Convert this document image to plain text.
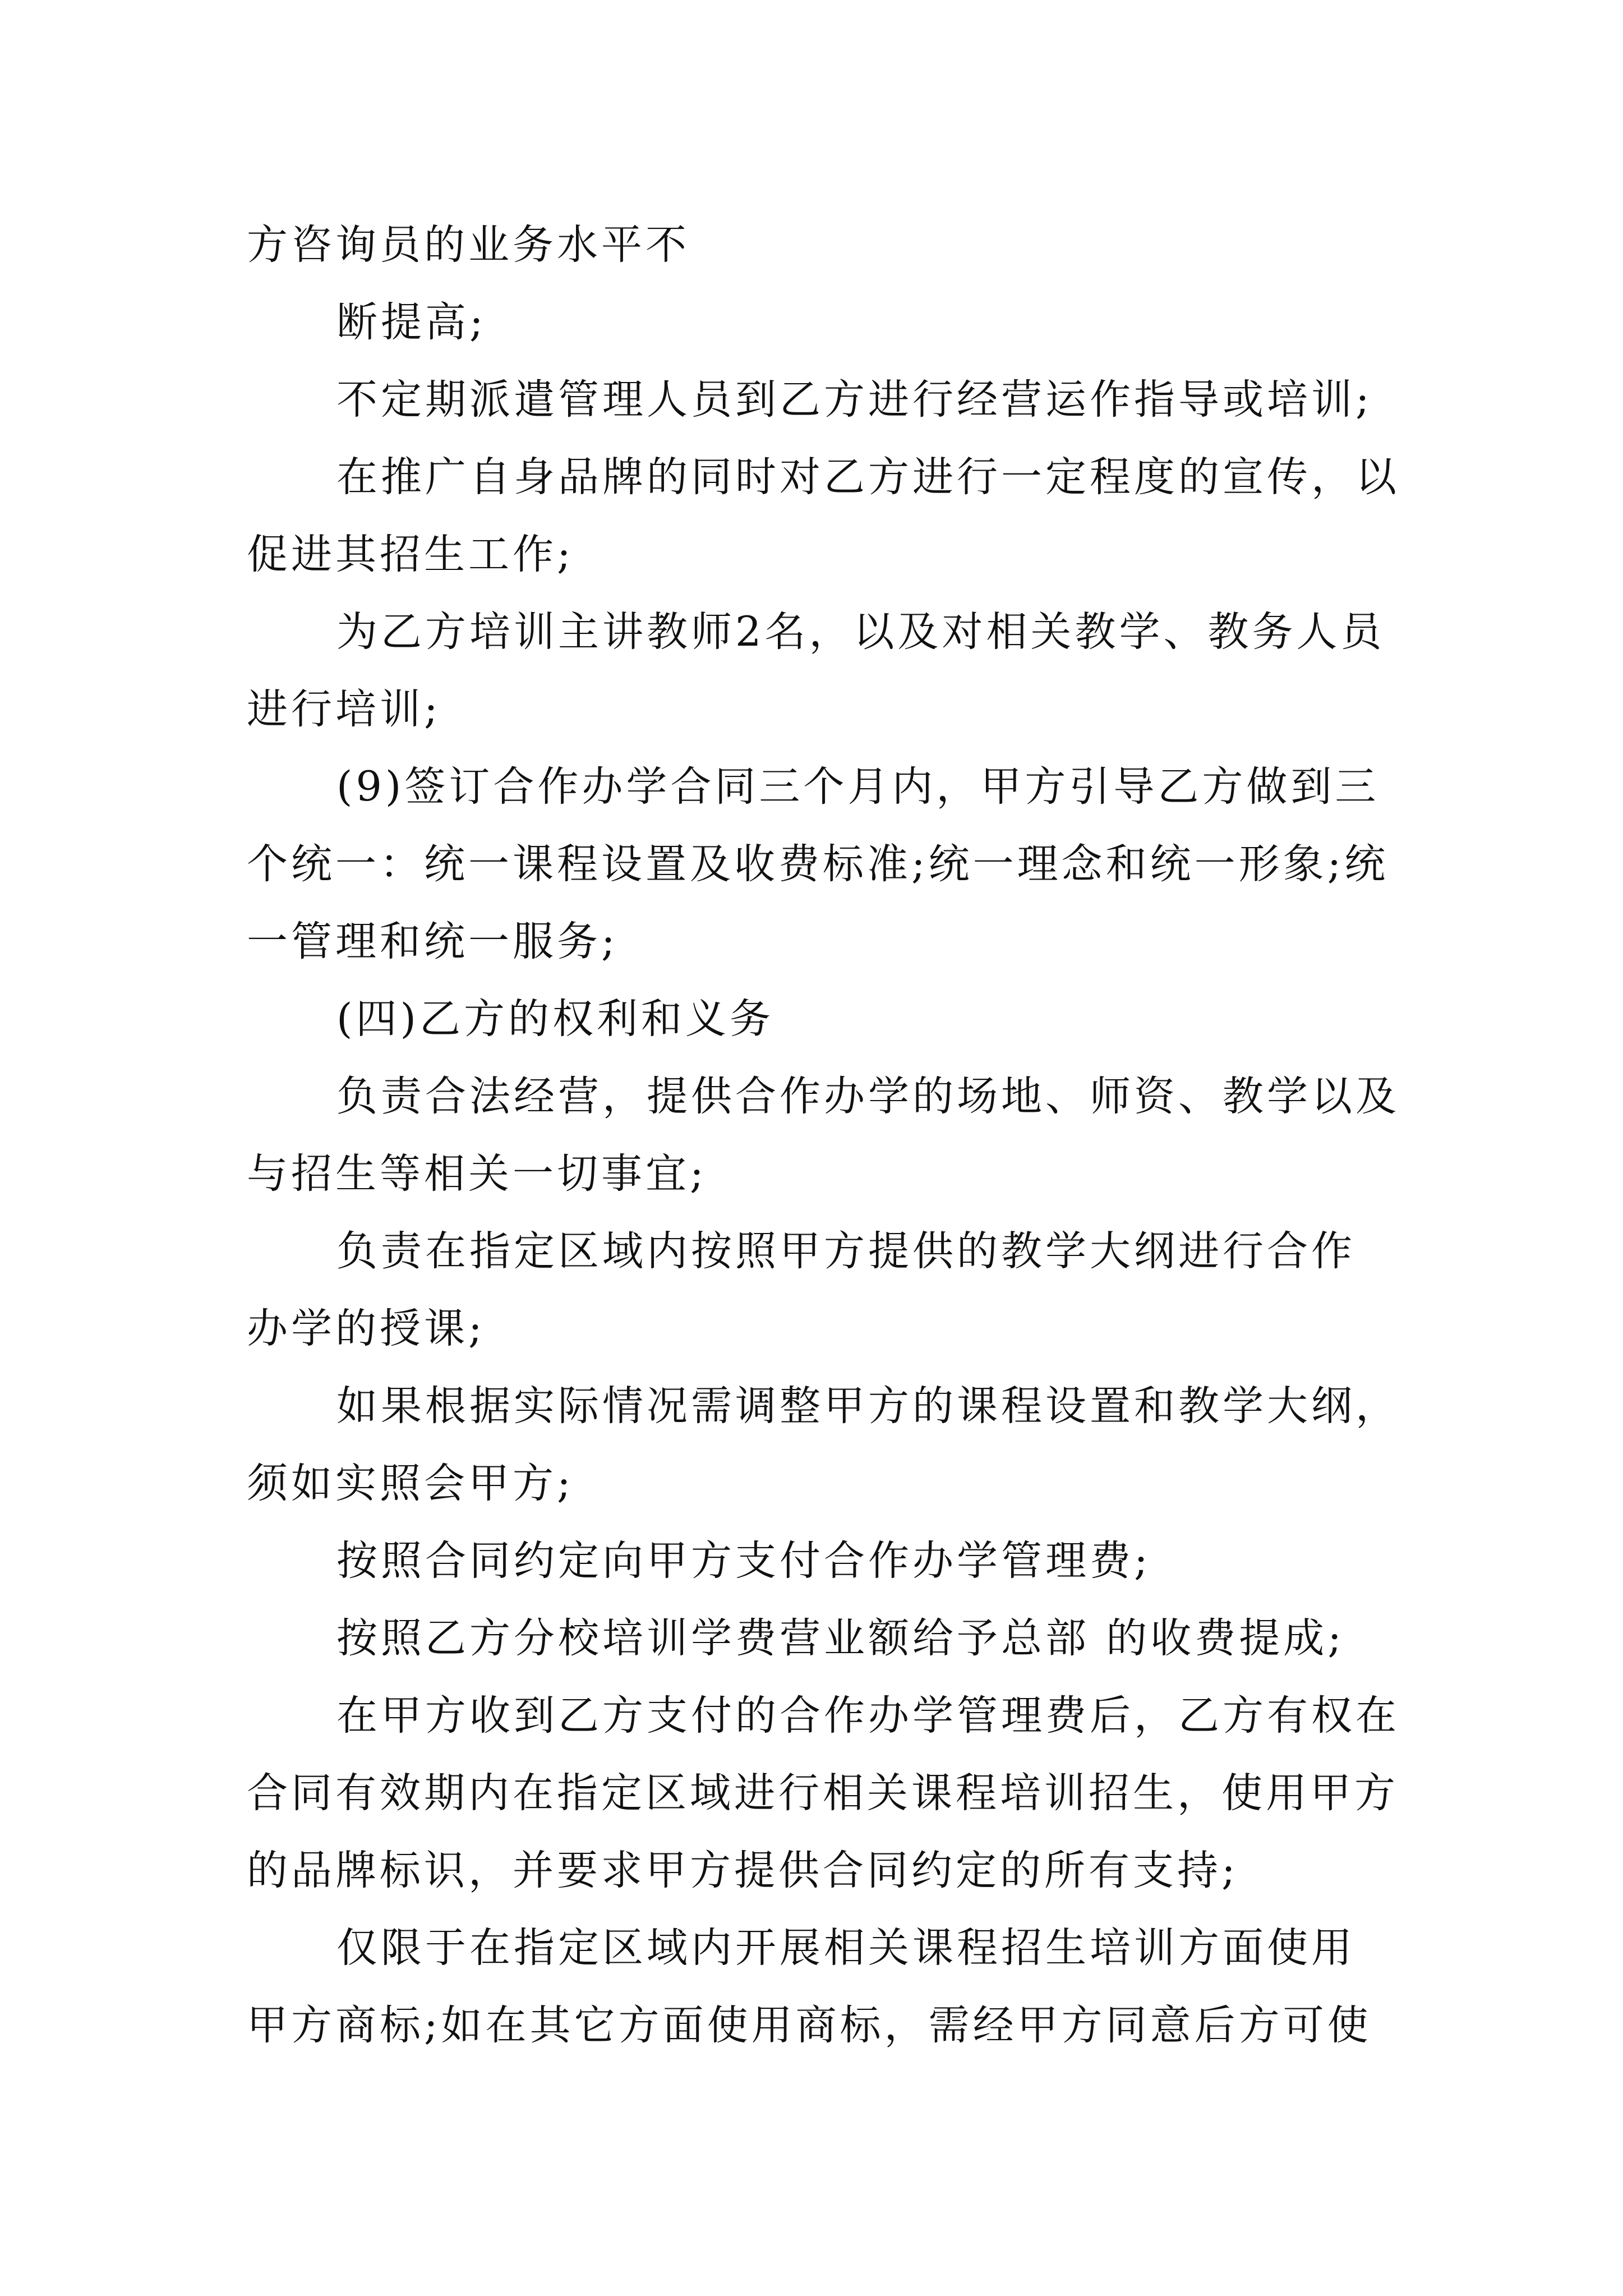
方咨询员的业务水平不
断提高;
不定期派遣管理人员到乙方进行经营运作指导或培训;
在推广自身品牌的同时对乙方进行一定程度的宣传，以
促进其招生工作;
为乙方培训主讲教师2名，以及对相关教学、教务人员
进行培训;
(9)签订合作办学合同三个月内，甲方引导乙方做到三
个统一：统一课程设置及收费标准;统一理念和统一形象;统
一管理和统一服务;
(四)乙方的权利和义务
负责合法经营，提供合作办学的场地、师资、教学以及
与招生等相关一切事宜;
负责在指定区域内按照甲方提供的教学大纲进行合作
办学的授课;
如果根据实际情况需调整甲方的课程设置和教学大纲，
须如实照会甲方;
按照合同约定向甲方支付合作办学管理费;
按照乙方分校培训学费营业额给予总部 的收费提成;
在甲方收到乙方支付的合作办学管理费后，乙方有权在
合同有效期内在指定区域进行相关课程培训招生，使用甲方
的品牌标识，并要求甲方提供合同约定的所有支持;
仅限于在指定区域内开展相关课程招生培训方面使用
甲方商标;如在其它方面使用商标，需经甲方同意后方可使
